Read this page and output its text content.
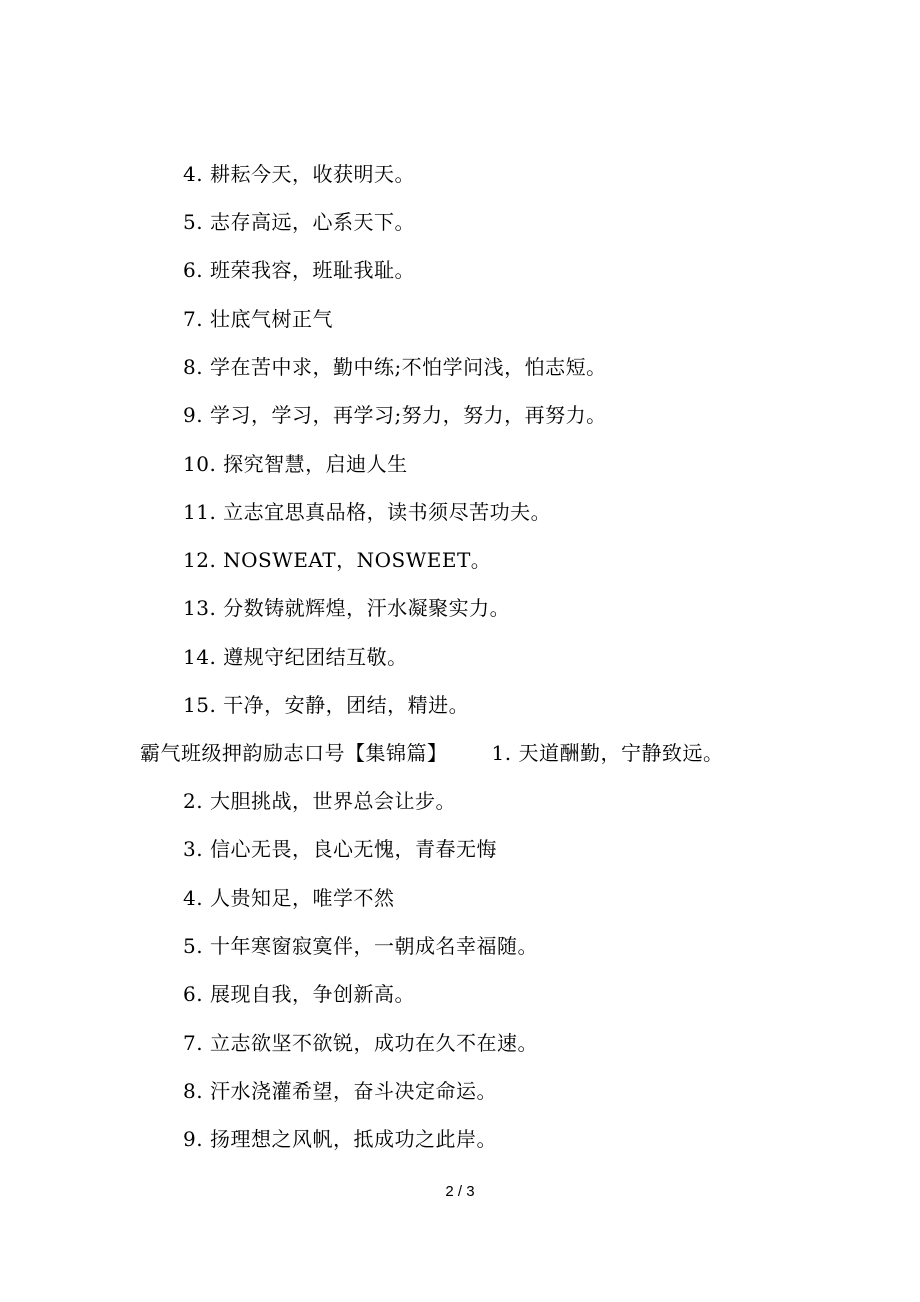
4. 耕耘今天，收获明天。
5. 志存高远，心系天下。
6. 班荣我容，班耻我耻。
7. 壮底气树正气
8. 学在苦中求，勤中练;不怕学问浅，怕志短。
9. 学习，学习，再学习;努力，努力，再努力。
10. 探究智慧，启迪人生
11. 立志宜思真品格，读书须尽苦功夫。
12. NOSWEAT，NOSWEET。
13. 分数铸就辉煌，汗水凝聚实力。
14. 遵规守纪团结互敬。
15. 干净，安静，团结，精进。
霸气班级押韵励志口号【集锦篇】 1. 天道酬勤，宁静致远。
2. 大胆挑战，世界总会让步。
3. 信心无畏，良心无愧，青春无悔
4. 人贵知足，唯学不然
5. 十年寒窗寂寞伴，一朝成名幸福随。
6. 展现自我，争创新高。
7. 立志欲坚不欲锐，成功在久不在速。
8. 汗水浇灌希望，奋斗决定命运。
9. 扬理想之风帆，抵成功之此岸。
2 / 3
